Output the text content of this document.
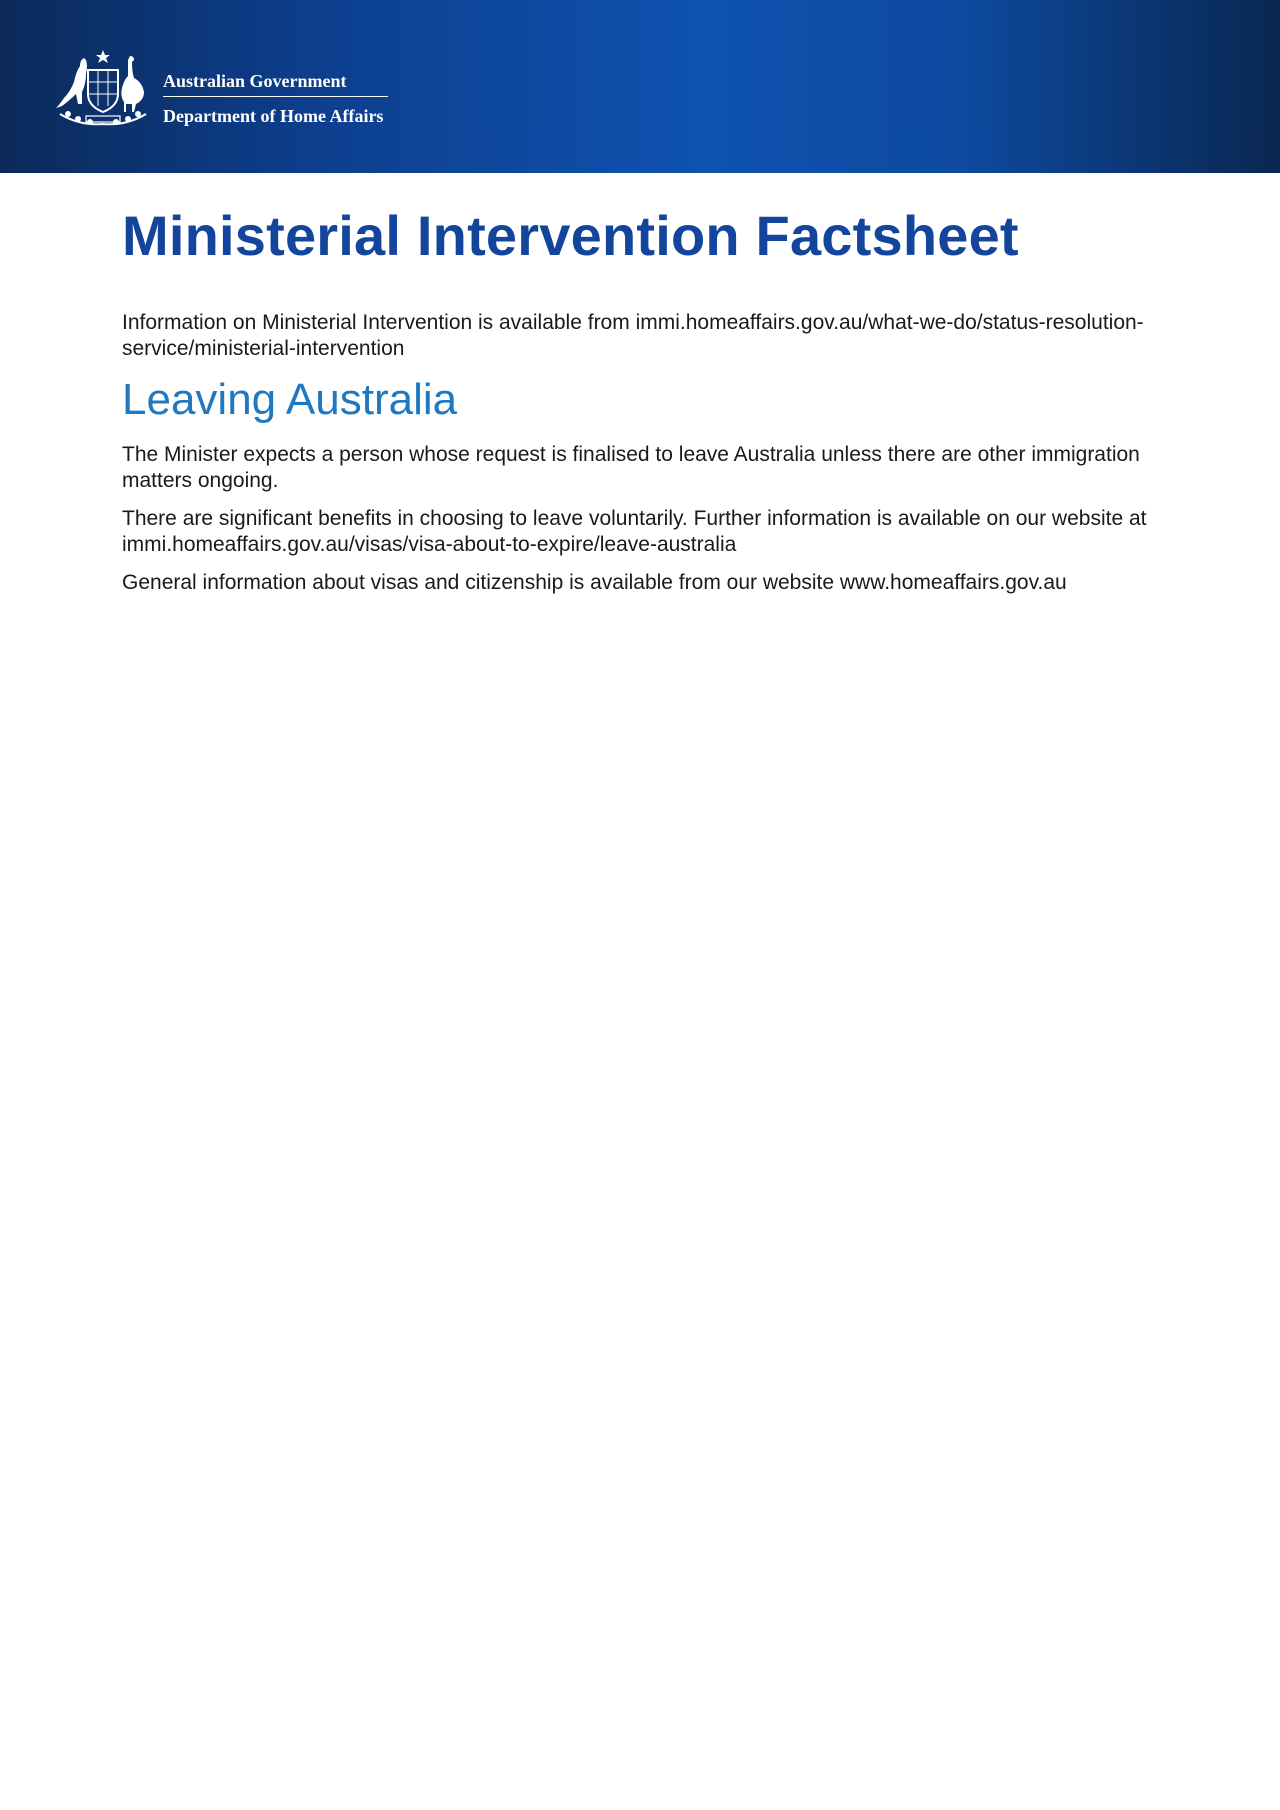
Australian Government
Department of Home Affairs
Ministerial Intervention Factsheet

Information on Ministerial Intervention is available from immi.homeaffairs.gov.au/what-we-do/status-resolution-service/ministerial-intervention

Leaving Australia

The Minister expects a person whose request is finalised to leave Australia unless there are other immigration matters ongoing.

There are significant benefits in choosing to leave voluntarily. Further information is available on our website at immi.homeaffairs.gov.au/visas/visa-about-to-expire/leave-australia

General information about visas and citizenship is available from our website www.homeaffairs.gov.au
